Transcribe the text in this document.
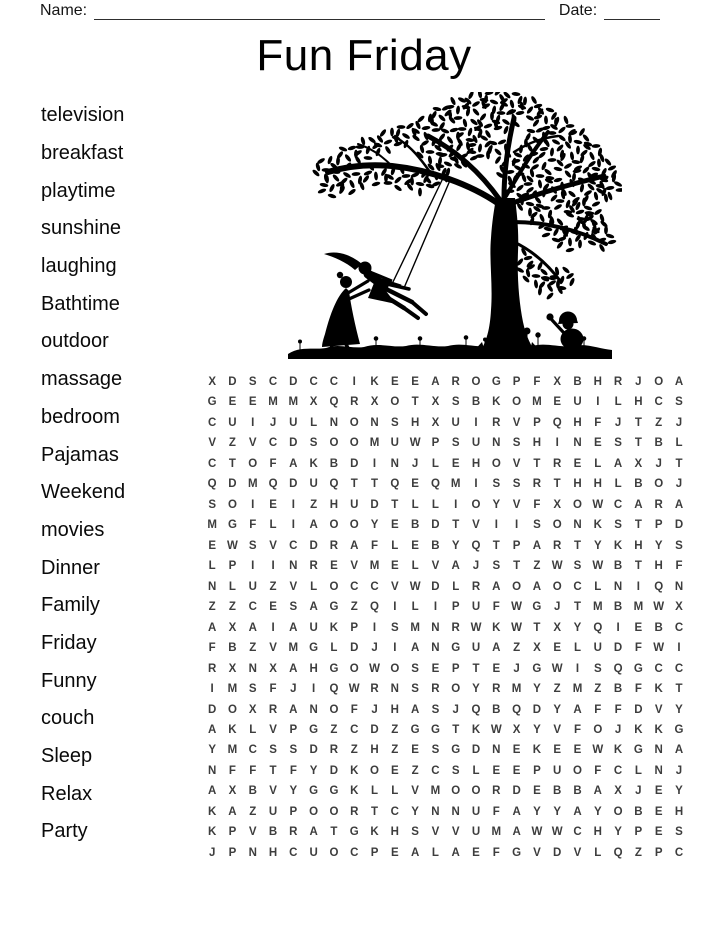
Name:	Date:
Fun Friday
television
breakfast
playtime
sunshine
laughing
Bathtime
outdoor
massage
bedroom
Pajamas
Weekend
movies
Dinner
Family
Friday
Funny
couch
Sleep
Relax
Party
X	D	S	C	D	C	C	I	K	E	E	A	R	O G	P	F	X	B	H	R	J	O	A
G	E	E	M M	X	Q	R	X	O	T	X	S	B	K	O M	E	U	I	L	H	C	S
C	U	I	J	U	L	N	O	N	S	H	X	U	I	R	V	P	Q	H	F	J	T	Z	J
V	Z	V	C	D	S	O O M U W P	S	U	N	S	H	I	N	E	S	T	B	L
C	T	O	F	A	K	B	D	I	N	J	L	E	H	O	V	T	R	E	L	A	X	J	T
Q	D M Q	D	U	Q	T	T	Q	E	Q M	I	S	S	R	T	H	H	L	B	O	J
S	O	I	E	I	Z	H	U	D	T	L	L	I	O	Y	V	F	X	O W C	A	R	A
M G	F	L	I	A	O O	Y	E	B	D	T	V	I	I	S	O	N	K	S	T	P	D
E W S	V	C	D	R	A	F	L	E	B	Y	Q	T	P	A	R	T	Y	K	H	Y	S
L	P	I	I	N	R	E	V	M	E	L	V	A	J	S	T	Z W S W B	T	H	F
N	L	U	Z	V	L	O	C	C	V W D	L	R	A	O	A	O	C	L	N	I	Q	N
Z	Z	C	E	S	A	G	Z	Q	I	L	I	P	U	F W G	J	T	M B M W X
A	X	A	I	A	U	K	P	I	S	M N	R W K W T	X	Y	Q	I	E	B	C
F	B	Z	V	M G	L	D	J	I	A	N	G	U	A	Z	X	E	L	U	D	F W	I
R	X	N	X	A	H	G O W O	S	E	P	T	E	J	G W	I	S	Q G	C	C
I	M	S	F	J	I	Q W R	N	S	R	O	Y	R M	Y	Z	M	Z	B	F	K	T
D	O	X	R	A	N	O	F	J	H	A	S	J	Q	B	Q	D	Y	A	F	F	D	V	Y
A	K	L	V	P	G	Z	C	D	Z	G G	T	K W X	Y	V	F	O	J	K	K	G
Y	M C	S	S	D	R	Z	H	Z	E	S	G	D	N	E	K	E	E W K	G	N	A
N	F	F	T	F	Y	D	K	O	E	Z	C	S	L	E	E	P	U	O	F	C	L	N	J
A	X	B	V	Y	G G	K	L	L	V	M O O	R	D	E	B	B	A	X	J	E	Y
K	A	Z	U	P	O O	R	T	C	Y	N	N	U	F	A	Y	Y	A	Y	O	B	E	H
K	P	V	B	R	A	T	G	K	H	S	V	V	U M A W W C	H	Y	P	E	S
J	P	N	H	C	U	O	C	P	E	A	L	A	E	F	G	V	D	V	L	Q	Z	P	C
